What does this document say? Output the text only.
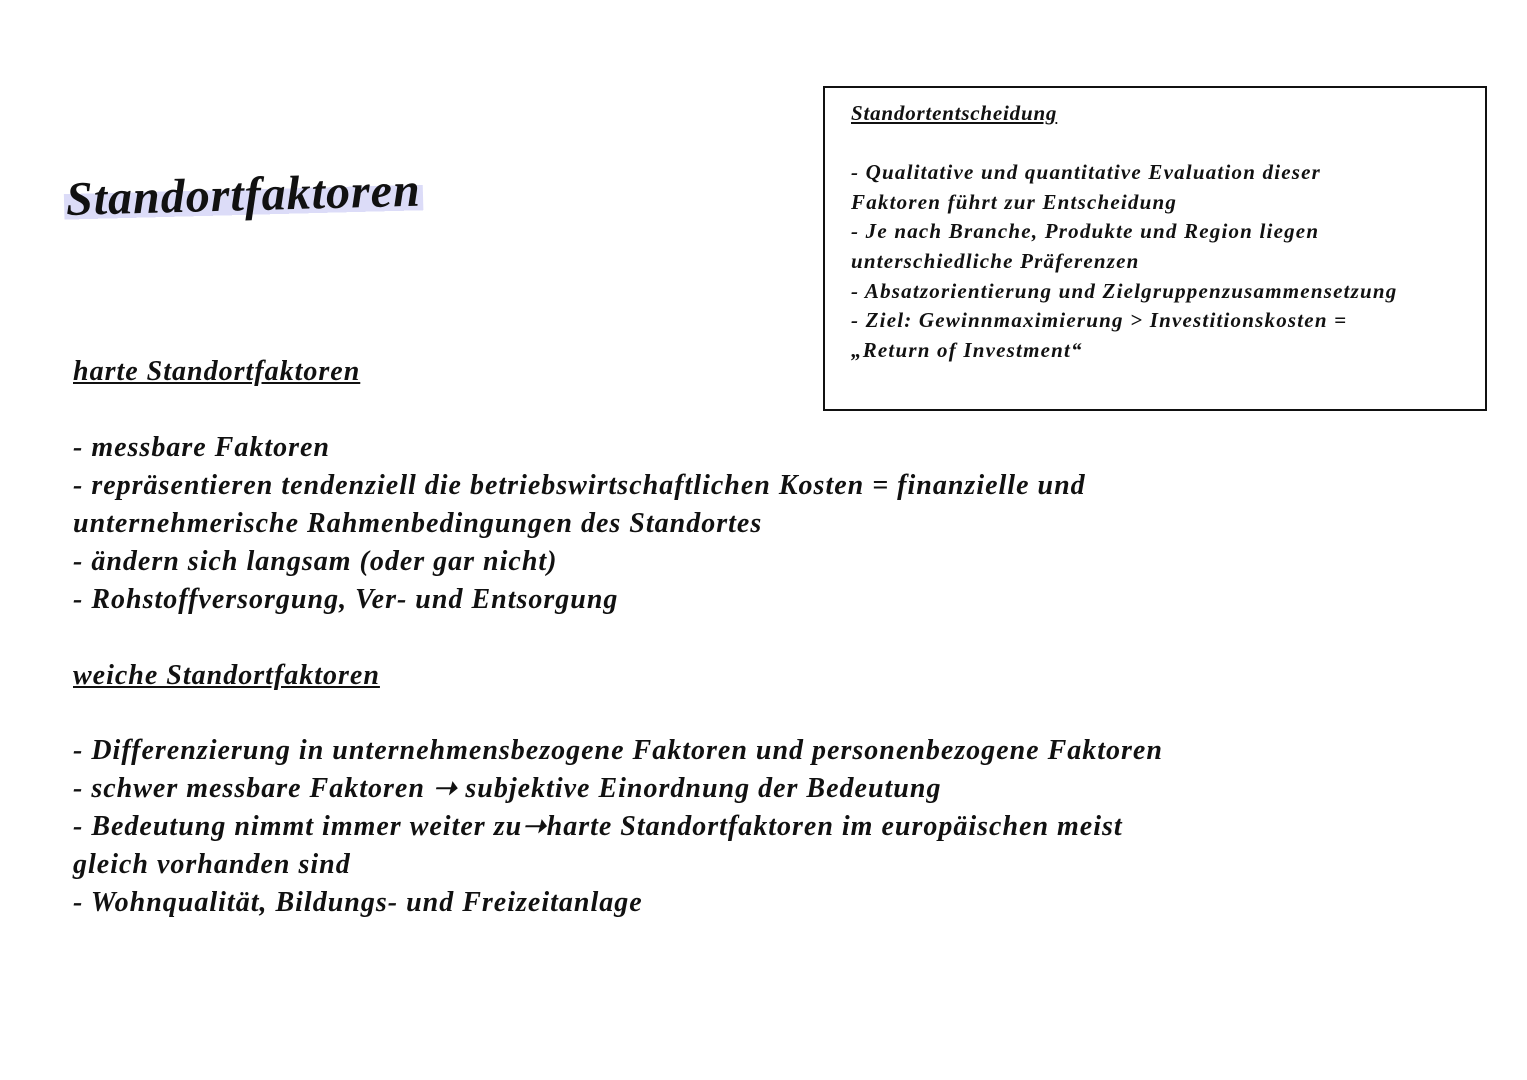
Standortfaktoren
Standortentscheidung
- Qualitative und quantitative Evaluation dieser
Faktoren führt zur Entscheidung
- Je nach Branche, Produkte und Region liegen
unterschiedliche Präferenzen
- Absatzorientierung und Zielgruppenzusammensetzung
- Ziel: Gewinnmaximierung > Investitionskosten =
„Return of Investment“
harte Standortfaktoren
- messbare Faktoren
- repräsentieren tendenziell die betriebswirtschaftlichen Kosten = finanzielle und
unternehmerische Rahmenbedingungen des Standortes
- ändern sich langsam (oder gar nicht)
- Rohstoffversorgung, Ver- und Entsorgung
weiche Standortfaktoren
- Differenzierung in unternehmensbezogene Faktoren und personenbezogene Faktoren
- schwer messbare Faktoren ➝ subjektive Einordnung der Bedeutung
- Bedeutung nimmt immer weiter zu➝harte Standortfaktoren im europäischen meist
gleich vorhanden sind
- Wohnqualität, Bildungs- und Freizeitanlage
